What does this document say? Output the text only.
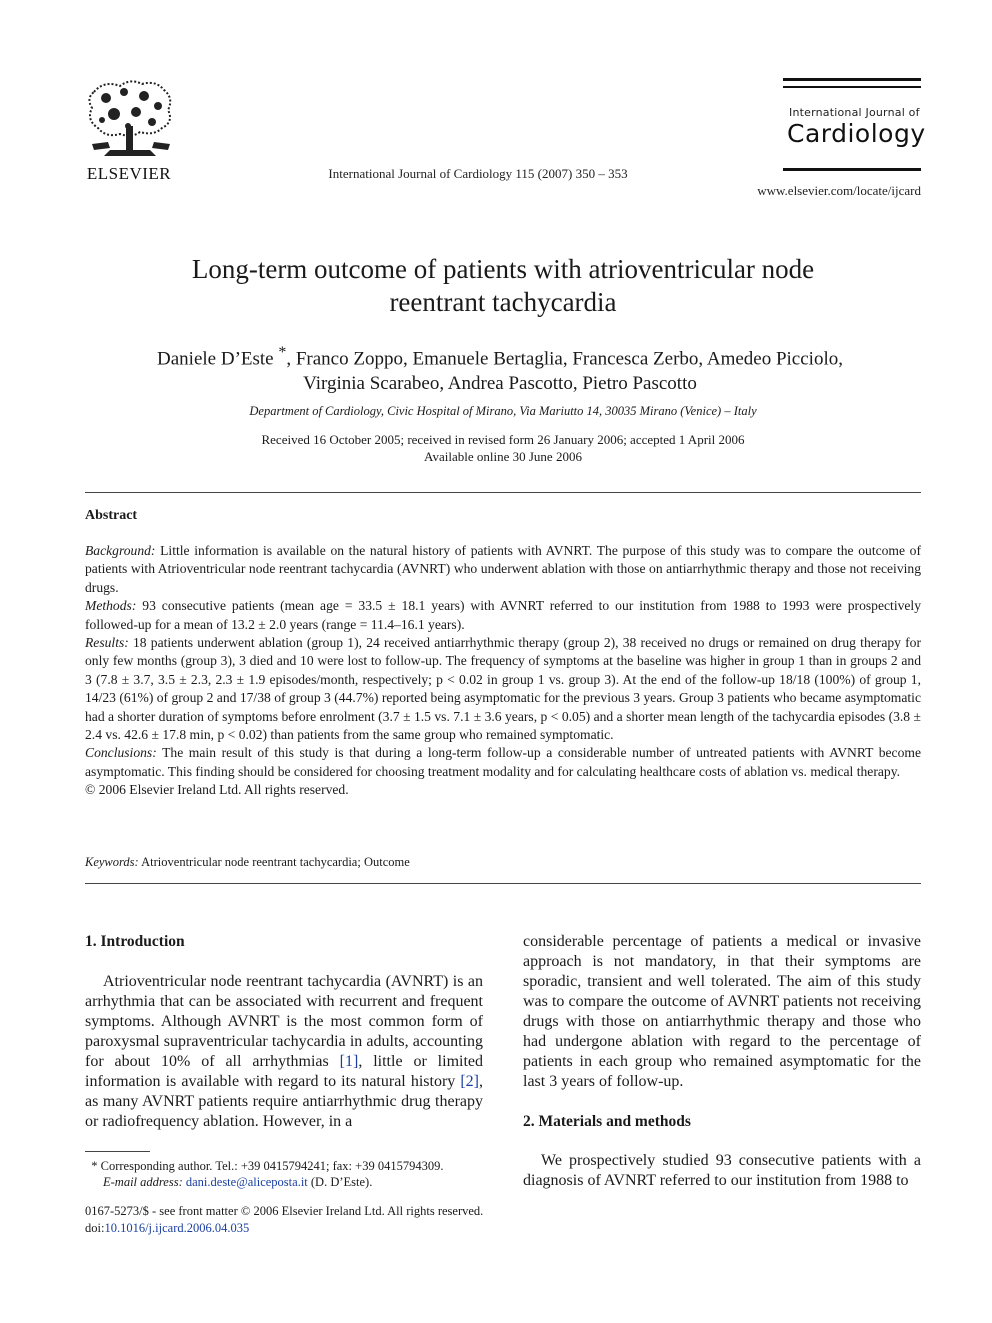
ELSEVIER	International Journal of Cardiology 115 (2007) 350 – 353
International Journal of
Cardiology
www.elsevier.com/locate/ijcard
Long-term outcome of patients with atrioventricular node
reentrant tachycardia
Daniele D’Este *, Franco Zoppo, Emanuele Bertaglia, Francesca Zerbo, Amedeo Picciolo,
Virginia Scarabeo, Andrea Pascotto, Pietro Pascotto
Department of Cardiology, Civic Hospital of Mirano, Via Mariutto 14, 30035 Mirano (Venice) – Italy
Received 16 October 2005; received in revised form 26 January 2006; accepted 1 April 2006
Available online 30 June 2006
Abstract

Background: Little information is available on the natural history of patients with AVNRT. The purpose of this study was to compare the outcome of patients with Atrioventricular node reentrant tachycardia (AVNRT) who underwent ablation with those on antiarrhythmic therapy and those not receiving drugs.

Methods: 93 consecutive patients (mean age = 33.5 ± 18.1 years) with AVNRT referred to our institution from 1988 to 1993 were prospectively followed-up for a mean of 13.2 ± 2.0 years (range = 11.4–16.1 years).

Results: 18 patients underwent ablation (group 1), 24 received antiarrhythmic therapy (group 2), 38 received no drugs or remained on drug therapy for only few months (group 3), 3 died and 10 were lost to follow-up. The frequency of symptoms at the baseline was higher in group 1 than in groups 2 and 3 (7.8 ± 3.7, 3.5 ± 2.3, 2.3 ± 1.9 episodes/month, respectively; p < 0.02 in group 1 vs. group 3). At the end of the follow-up 18/18 (100%) of group 1, 14/23 (61%) of group 2 and 17/38 of group 3 (44.7%) reported being asymptomatic for the previous 3 years. Group 3 patients who became asymptomatic had a shorter duration of symptoms before enrolment (3.7 ± 1.5 vs. 7.1 ± 3.6 years, p < 0.05) and a shorter mean length of the tachycardia episodes (3.8 ± 2.4 vs. 42.6 ± 17.8 min, p < 0.02) than patients from the same group who remained symptomatic.

Conclusions: The main result of this study is that during a long-term follow-up a considerable number of untreated patients with AVNRT become asymptomatic. This finding should be considered for choosing treatment modality and for calculating healthcare costs of ablation vs. medical therapy.

© 2006 Elsevier Ireland Ltd. All rights reserved.

Keywords: Atrioventricular node reentrant tachycardia; Outcome
1. Introduction

Atrioventricular node reentrant tachycardia (AVNRT) is an arrhythmia that can be associated with recurrent and frequent symptoms. Although AVNRT is the most common form of paroxysmal supraventricular tachycardia in adults, accounting for about 10% of all arrhythmias [1], little or limited information is available with regard to its natural history [2], as many AVNRT patients require antiarrhythmic drug therapy or radiofrequency ablation. However, in a

considerable percentage of patients a medical or invasive approach is not mandatory, in that their symptoms are sporadic, transient and well tolerated. The aim of this study was to compare the outcome of AVNRT patients not receiving drugs with those on antiarrhythmic therapy and those who had undergone ablation with regard to the percentage of patients in each group who remained asymptomatic for the last 3 years of follow-up.

2. Materials and methods

We prospectively studied 93 consecutive patients with a diagnosis of AVNRT referred to our institution from 1988 to

* Corresponding author. Tel.: +39 0415794241; fax: +39 0415794309.
E-mail address: dani.deste@aliceposta.it (D. D’Este).
0167-5273/$ - see front matter © 2006 Elsevier Ireland Ltd. All rights reserved.
doi:10.1016/j.ijcard.2006.04.035
